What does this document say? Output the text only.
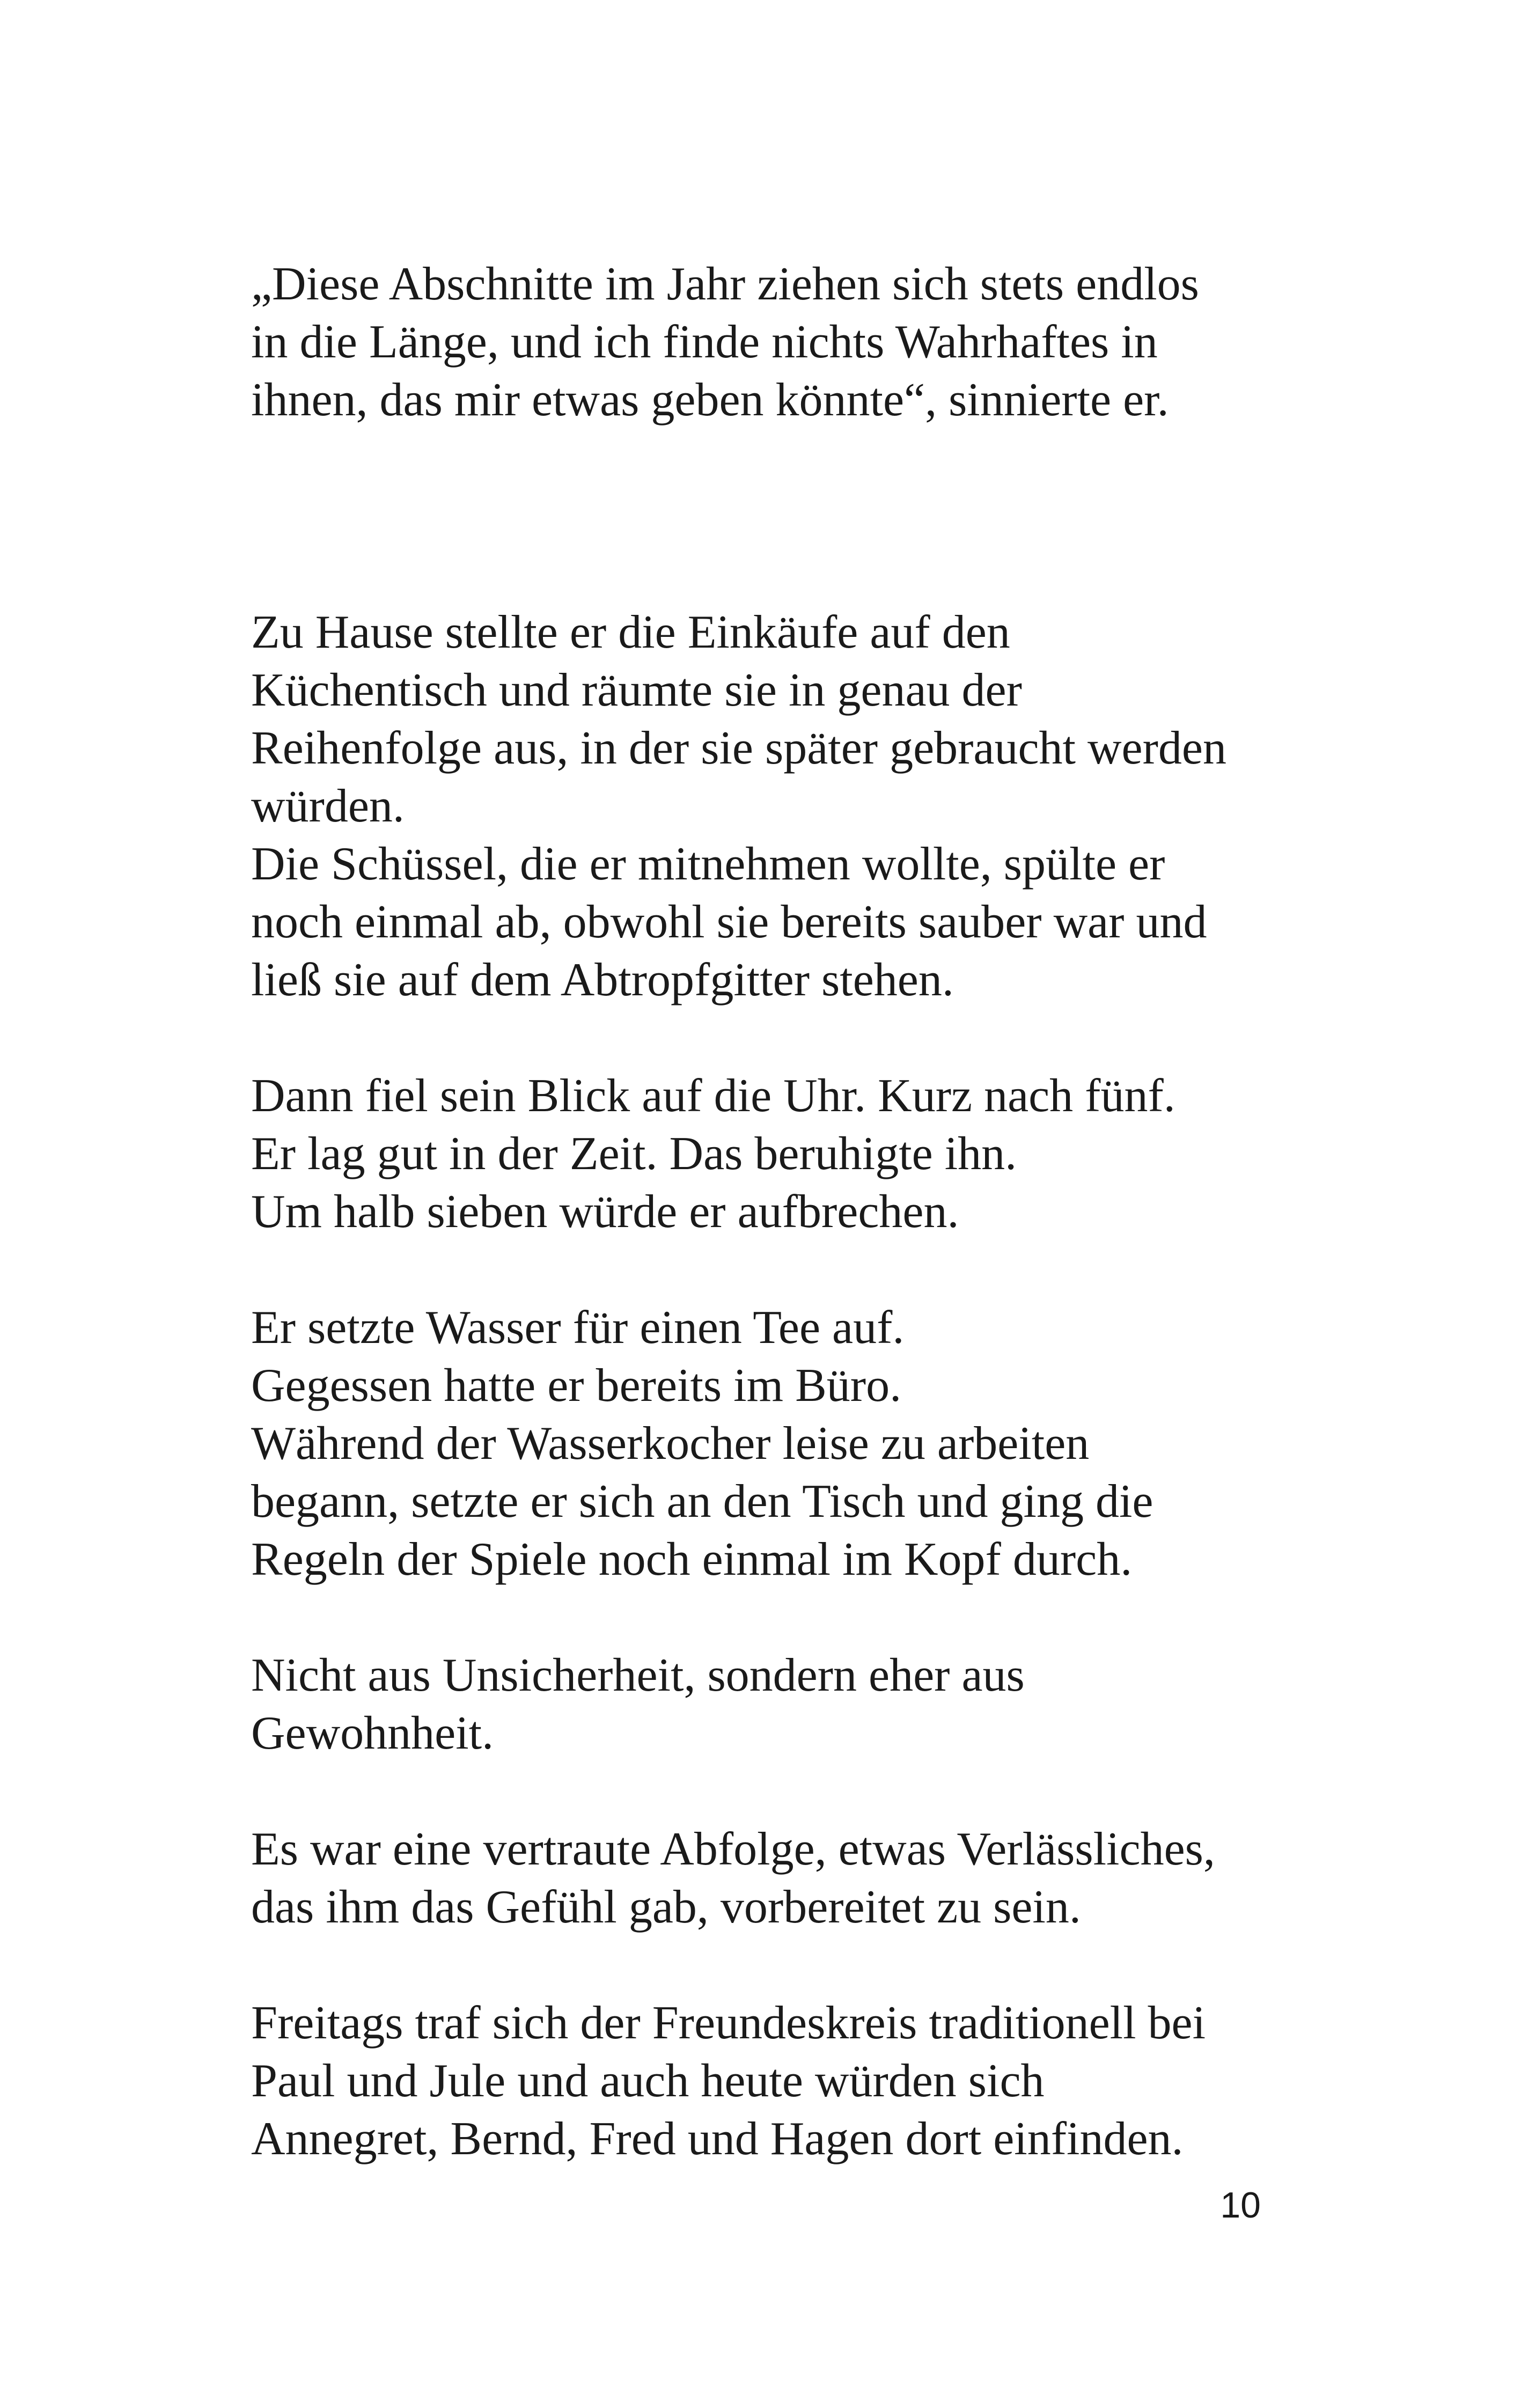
„Diese Abschnitte im Jahr ziehen sich stets endlos
in die Länge, und ich finde nichts Wahrhaftes in
ihnen, das mir etwas geben könnte“, sinnierte er.

Zu Hause stellte er die Einkäufe auf den
Küchentisch und räumte sie in genau der
Reihenfolge aus, in der sie später gebraucht werden
würden.
Die Schüssel, die er mitnehmen wollte, spülte er
noch einmal ab, obwohl sie bereits sauber war und
ließ sie auf dem Abtropfgitter stehen.

Dann fiel sein Blick auf die Uhr. Kurz nach fünf.
Er lag gut in der Zeit. Das beruhigte ihn.
Um halb sieben würde er aufbrechen.

Er setzte Wasser für einen Tee auf.
Gegessen hatte er bereits im Büro.
Während der Wasserkocher leise zu arbeiten
begann, setzte er sich an den Tisch und ging die
Regeln der Spiele noch einmal im Kopf durch.

Nicht aus Unsicherheit, sondern eher aus
Gewohnheit.

Es war eine vertraute Abfolge, etwas Verlässliches,
das ihm das Gefühl gab, vorbereitet zu sein.

Freitags traf sich der Freundeskreis traditionell bei
Paul und Jule und auch heute würden sich
Annegret, Bernd, Fred und Hagen dort einfinden.

10
